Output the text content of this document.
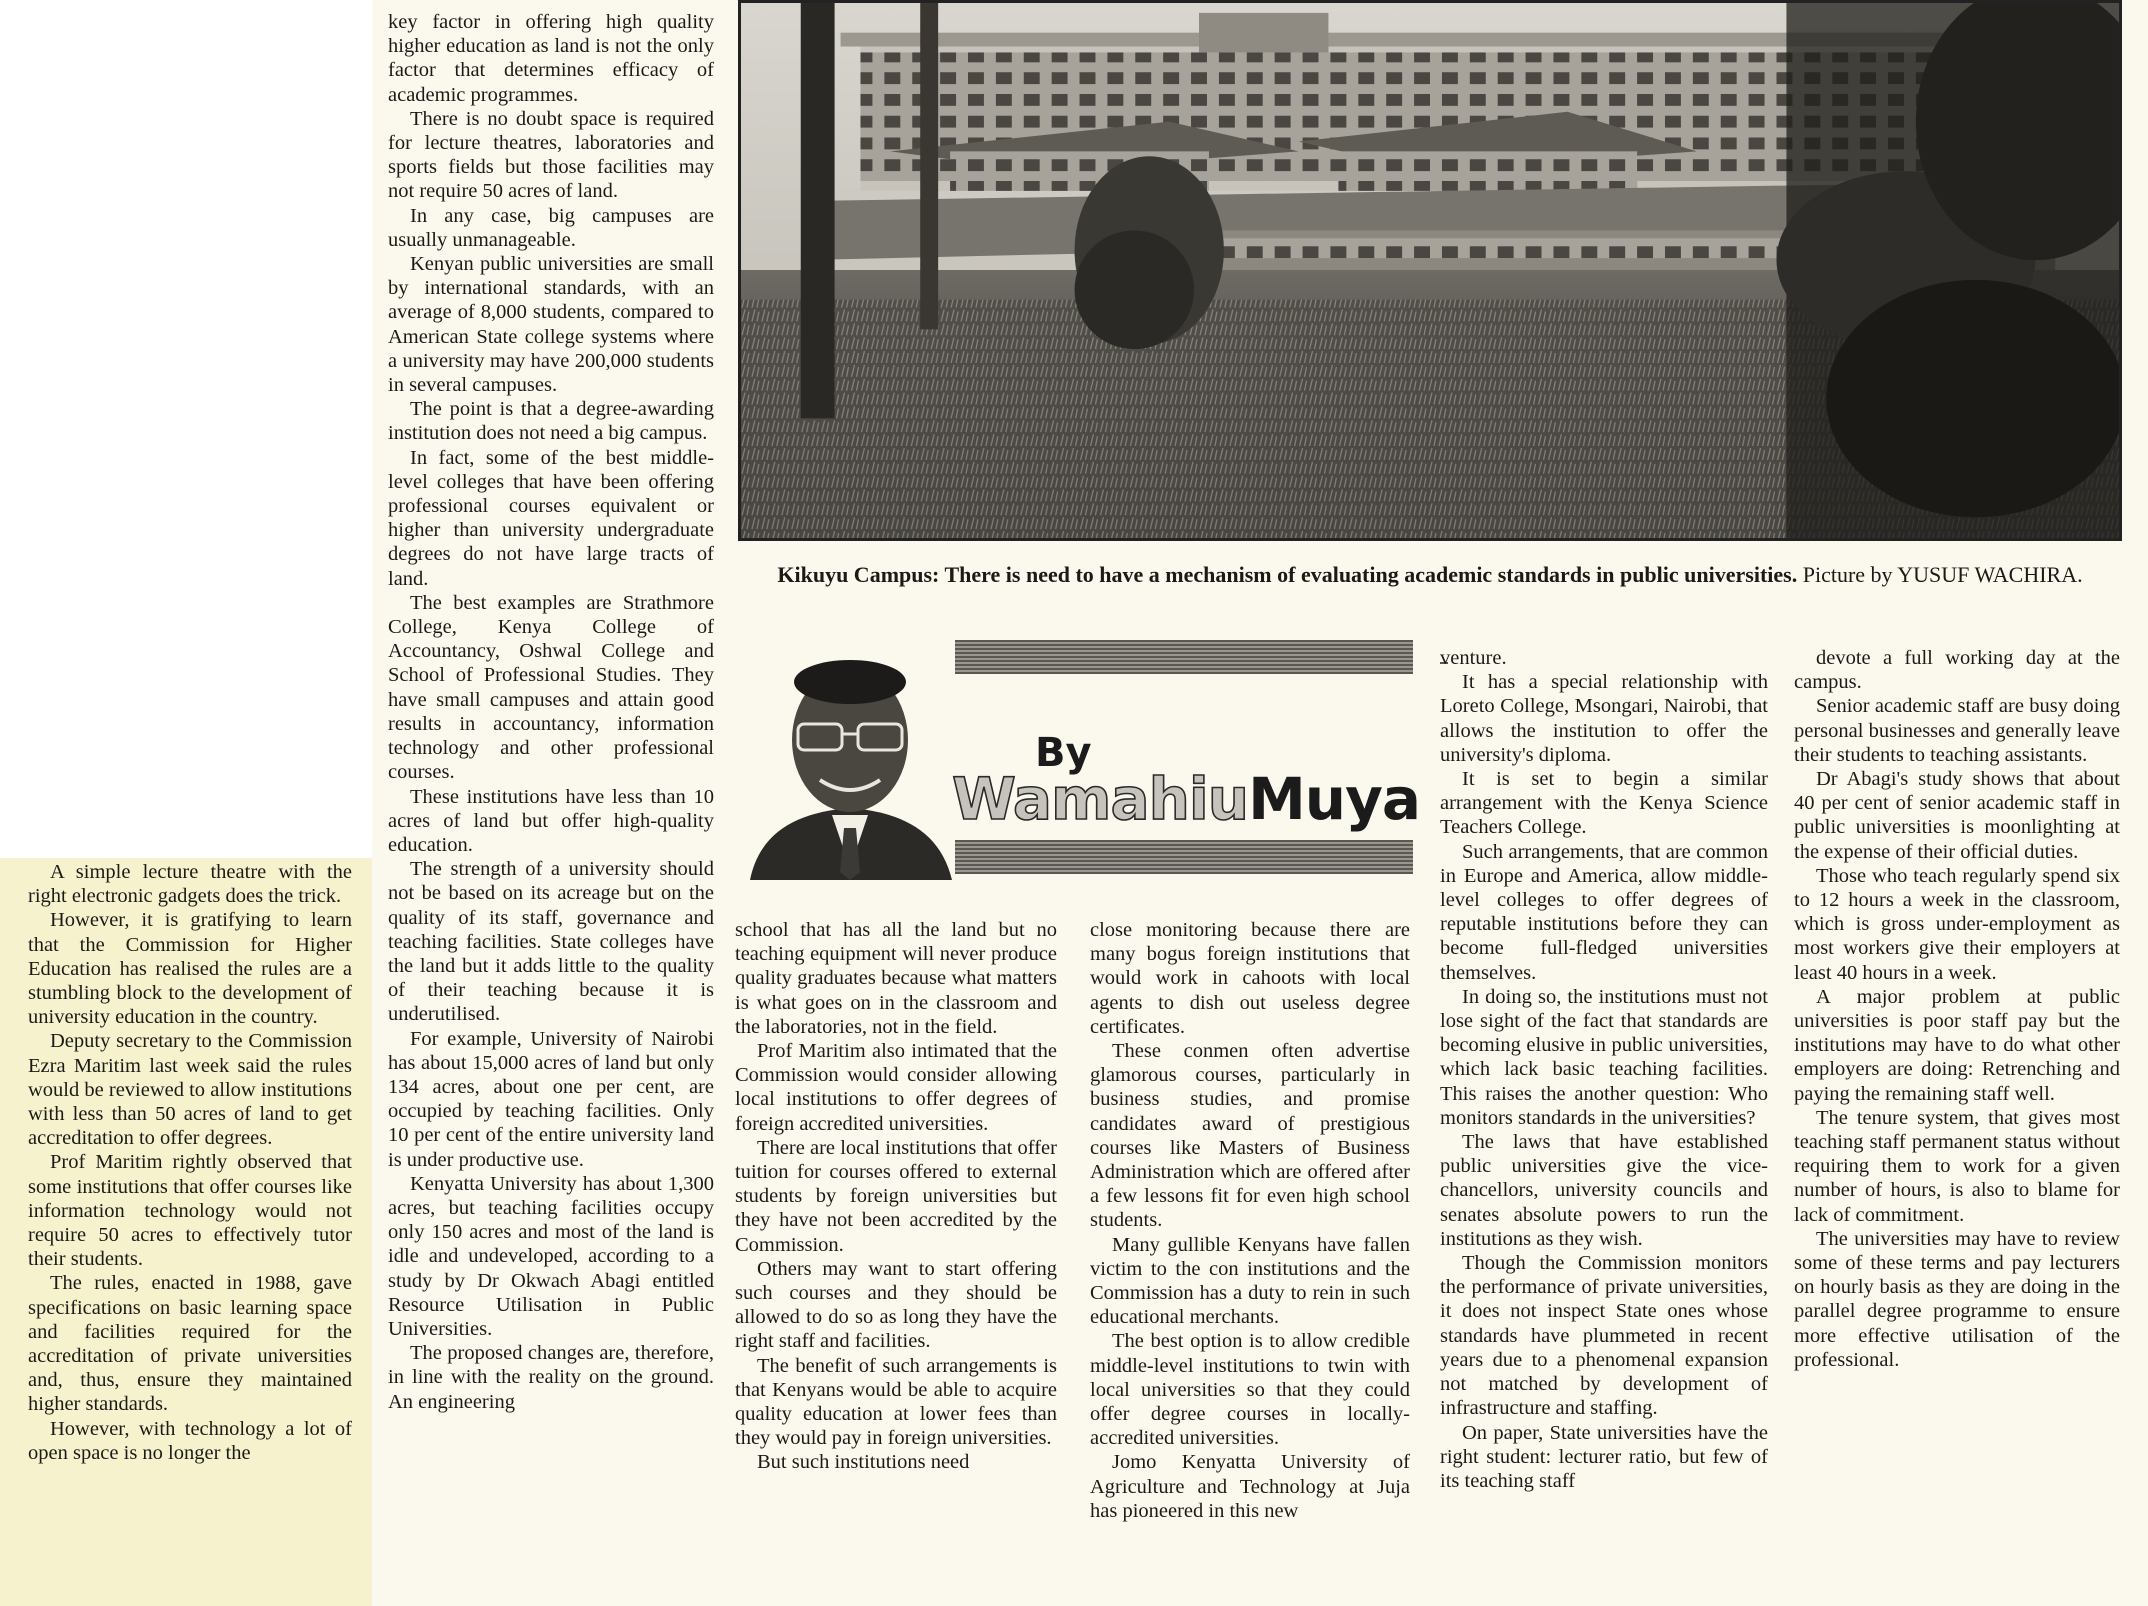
A simple lecture theatre with the right electronic gadgets does the trick.

However, it is gratifying to learn that the Commission for Higher Education has realised the rules are a stumbling block to the development of university education in the country.

Deputy secretary to the Commission Ezra Maritim last week said the rules would be reviewed to allow institutions with less than 50 acres of land to get accreditation to offer degrees.

Prof Maritim rightly observed that some institutions that offer courses like information technology would not require 50 acres to effectively tutor their students.

The rules, enacted in 1988, gave specifications on basic learning space and facilities required for the accreditation of private universities and, thus, ensure they maintained higher standards.

However, with technology a lot of open space is no longer the

key factor in offering high quality higher education as land is not the only factor that determines efficacy of academic programmes.

There is no doubt space is required for lecture theatres, laboratories and sports fields but those facilities may not require 50 acres of land.

In any case, big campuses are usually unmanageable.

Kenyan public universities are small by international standards, with an average of 8,000 students, compared to American State college systems where a university may have 200,000 students in several campuses.

The point is that a degree-awarding institution does not need a big campus.

In fact, some of the best middle-level colleges that have been offering professional courses equivalent or higher than university undergraduate degrees do not have large tracts of land.

The best examples are Strathmore College, Kenya College of Accountancy, Oshwal College and School of Professional Studies. They have small campuses and attain good results in accountancy, information technology and other professional courses.

These institutions have less than 10 acres of land but offer high-quality education.

The strength of a university should not be based on its acreage but on the quality of its staff, governance and teaching facilities. State colleges have the land but it adds little to the quality of their teaching because it is underutilised.

For example, University of Nairobi has about 15,000 acres of land but only 134 acres, about one per cent, are occupied by teaching facilities. Only 10 per cent of the entire university land is under productive use.

Kenyatta University has about 1,300 acres, but teaching facilities occupy only 150 acres and most of the land is idle and undeveloped, according to a study by Dr Okwach Abagi entitled Resource Utilisation in Public Universities.

The proposed changes are, therefore, in line with the reality on the ground. An engineering

Kikuyu Campus: There is need to have a mechanism of evaluating academic standards in public universities. Picture by YUSUF WACHIRA.
By
WamahiuMuya

school that has all the land but no teaching equipment will never produce quality graduates because what matters is what goes on in the classroom and the laboratories, not in the field.

Prof Maritim also intimated that the Commission would consider allowing local institutions to offer degrees of foreign accredited universities.

There are local institutions that offer tuition for courses offered to external students by foreign universities but they have not been accredited by the Commission.

Others may want to start offering such courses and they should be allowed to do so as long they have the right staff and facilities.

The benefit of such arrangements is that Kenyans would be able to acquire quality education at lower fees than they would pay in foreign universities.

But such institutions need

close monitoring because there are many bogus foreign institutions that would work in cahoots with local agents to dish out useless degree certificates.

These conmen often advertise glamorous courses, particularly in business studies, and promise candidates award of prestigious courses like Masters of Business Administration which are offered after a few lessons fit for even high school students.

Many gullible Kenyans have fallen victim to the con institutions and the Commission has a duty to rein in such educational merchants.

The best option is to allow credible middle-level institutions to twin with local universities so that they could offer degree courses in locally-accredited universities.

Jomo Kenyatta University of Agriculture and Technology at Juja has pioneered in this new

venture.

It has a special relationship with Loreto College, Msongari, Nairobi, that allows the institution to offer the university's diploma.

It is set to begin a similar arrangement with the Kenya Science Teachers College.

Such arrangements, that are common in Europe and America, allow middle-level colleges to offer degrees of reputable institutions before they can become full-fledged universities themselves.

In doing so, the institutions must not lose sight of the fact that standards are becoming elusive in public universities, which lack basic teaching facilities. This raises the another question: Who monitors standards in the universities?

The laws that have established public universities give the vice-chancellors, university councils and senates absolute powers to run the institutions as they wish.

Though the Commission monitors the performance of private universities, it does not inspect State ones whose standards have plummeted in recent years due to a phenomenal expansion not matched by development of infrastructure and staffing.

On paper, State universities have the right student: lecturer ratio, but few of its teaching staff

devote a full working day at the campus.

Senior academic staff are busy doing personal businesses and generally leave their students to teaching assistants.

Dr Abagi's study shows that about 40 per cent of senior academic staff in public universities is moonlighting at the expense of their official duties.

Those who teach regularly spend six to 12 hours a week in the classroom, which is gross under-employment as most workers give their employers at least 40 hours in a week.

A major problem at public universities is poor staff pay but the institutions may have to do what other employers are doing: Retrenching and paying the remaining staff well.

The tenure system, that gives most teaching staff permanent status without requiring them to work for a given number of hours, is also to blame for lack of commitment.

The universities may have to review some of these terms and pay lecturers on hourly basis as they are doing in the parallel degree programme to ensure more effective utilisation of the professional.
